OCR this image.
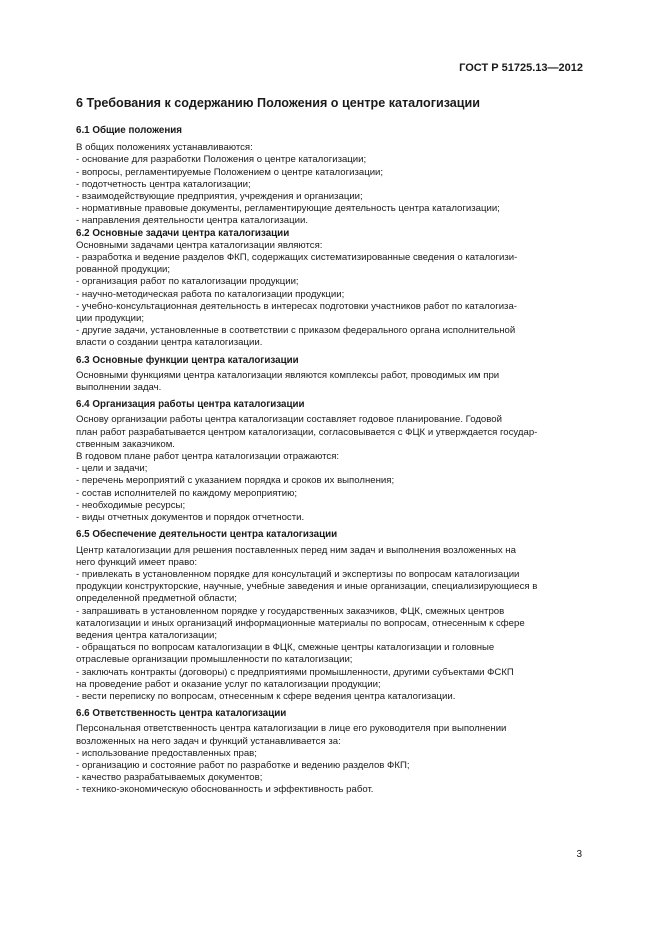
ГОСТ Р 51725.13—2012
6 Требования к содержанию Положения о центре каталогизации
6.1 Общие положения
В общих положениях устанавливаются:
- основание для разработки Положения о центре каталогизации;
- вопросы, регламентируемые Положением о центре каталогизации;
- подотчетность центра каталогизации;
- взаимодействующие предприятия, учреждения и организации;
- нормативные правовые документы, регламентирующие деятельность центра каталогизации;
- направления деятельности центра каталогизации.
6.2 Основные задачи центра каталогизации
Основными задачами центра каталогизации являются:
- разработка и ведение разделов ФКП, содержащих систематизированные сведения о каталогизи-
рованной продукции;
- организация работ по каталогизации продукции;
- научно-методическая работа по каталогизации продукции;
- учебно-консультационная деятельность в интересах подготовки участников работ по каталогиза-
ции продукции;
- другие задачи, установленные в соответствии с приказом федерального органа исполнительной
власти о создании центра каталогизации.
6.3 Основные функции центра каталогизации
Основными функциями центра каталогизации являются комплексы работ, проводимых им при
выполнении задач.
6.4 Организация работы центра каталогизации
Основу организации работы центра каталогизации составляет годовое планирование. Годовой
план работ разрабатывается центром каталогизации, согласовывается с ФЦК и утверждается государ-
ственным заказчиком.
В годовом плане работ центра каталогизации отражаются:
- цели и задачи;
- перечень мероприятий с указанием порядка и сроков их выполнения;
- состав исполнителей по каждому мероприятию;
- необходимые ресурсы;
- виды отчетных документов и порядок отчетности.
6.5 Обеспечение деятельности центра каталогизации
Центр каталогизации для решения поставленных перед ним задач и выполнения возложенных на
него функций имеет право:
- привлекать в установленном порядке для консультаций и экспертизы по вопросам каталогизации
продукции конструкторские, научные, учебные заведения и иные организации, специализирующиеся в
определенной предметной области;
- запрашивать в установленном порядке у государственных заказчиков, ФЦК, смежных центров
каталогизации и иных организаций информационные материалы по вопросам, отнесенным к сфере
ведения центра каталогизации;
- обращаться по вопросам каталогизации в ФЦК, смежные центры каталогизации и головные
отраслевые организации промышленности по каталогизации;
- заключать контракты (договоры) с предприятиями промышленности, другими субъектами ФСКП
на проведение работ и оказание услуг по каталогизации продукции;
- вести переписку по вопросам, отнесенным к сфере ведения центра каталогизации.
6.6 Ответственность центра каталогизации
Персональная ответственность центра каталогизации в лице его руководителя при выполнении
возложенных на него задач и функций устанавливается за:
- использование предоставленных прав;
- организацию и состояние работ по разработке и ведению разделов ФКП;
- качество разрабатываемых документов;
- технико-экономическую обоснованность и эффективность работ.
3
